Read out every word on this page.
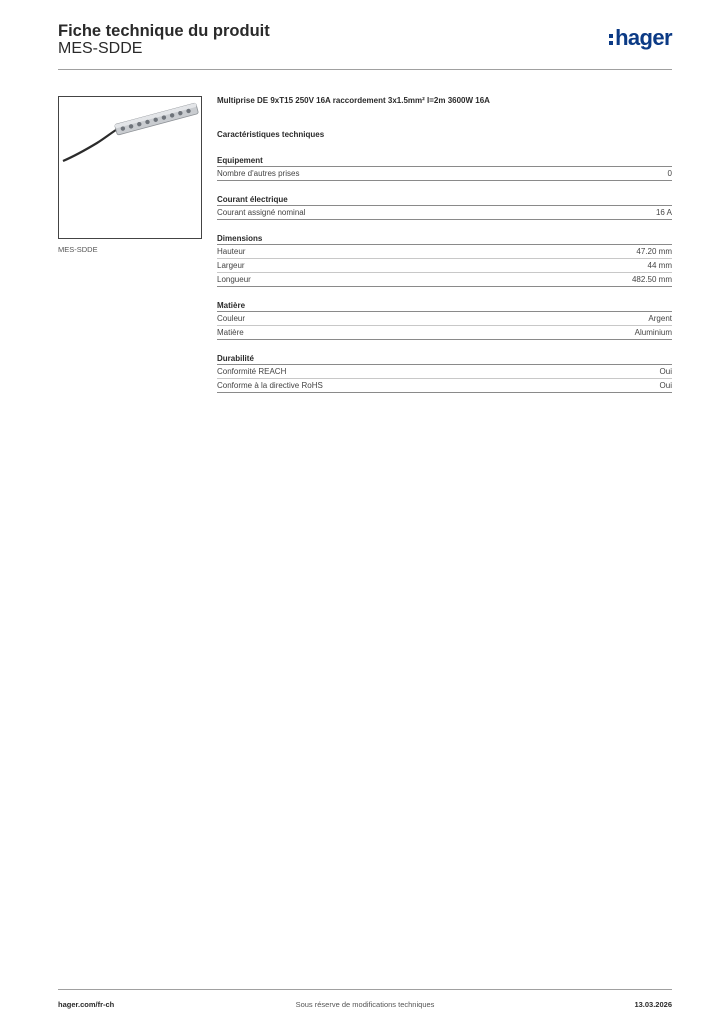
Fiche technique du produit
MES-SDDE	hager
MES-SDDE
Multiprise DE 9xT15 250V 16A raccordement 3x1.5mm² l=2m 3600W 16A
Caractéristiques techniques
Equipement
Nombre d'autres prises	0
Courant électrique
Courant assigné nominal	16 A
Dimensions
Hauteur	47.20 mm
Largeur	44 mm
Longueur	482.50 mm
Matière
Couleur	Argent
Matière	Aluminium
Durabilité
Conformité REACH	Oui
Conforme à la directive RoHS	Oui
Sous réserve de modifications techniques
hager.com/fr-ch	13.03.2026
